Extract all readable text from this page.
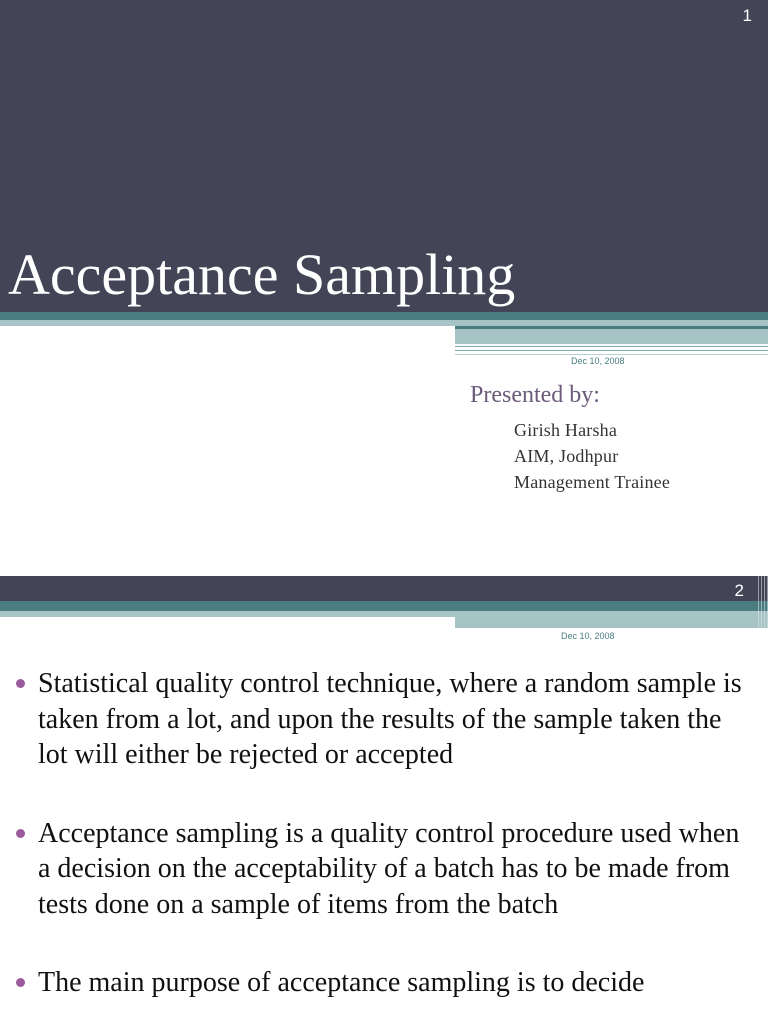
1
Acceptance Sampling
Dec 10, 2008
Presented by:
Girish Harsha
AIM, Jodhpur
Management Trainee
2
Dec 10, 2008
Statistical quality control technique, where a random sample is taken from a lot, and upon the results of the sample taken the lot will either be rejected or accepted
Acceptance sampling is a quality control procedure used when a decision on the acceptability of a batch has to be made from tests done on a sample of items from the batch
The main purpose of acceptance sampling is to decide
